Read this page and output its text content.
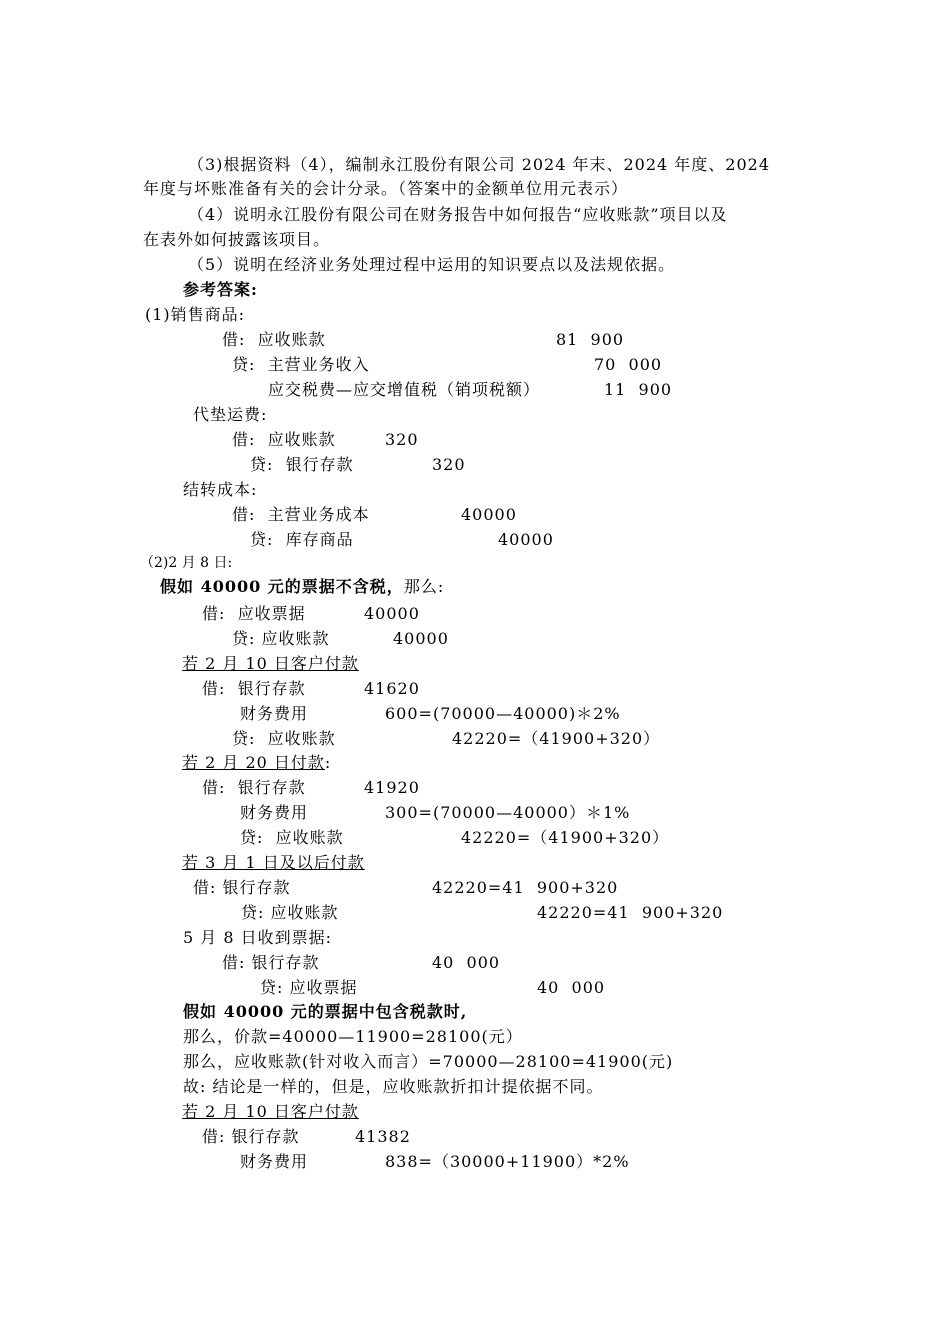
（3)根据资料（4），编制永江股份有限公司 2024 年末、2024 年度、2024
年度与坏账准备有关的会计分录。（答案中的金额单位用元表示）
（4）说明永江股份有限公司在财务报告中如何报告“应收账款”项目以及
在表外如何披露该项目。
（5）说明在经济业务处理过程中运用的知识要点以及法规依据。
参考答案:
(1)销售商品:
借:  应收账款	81  900
贷:  主营业务收入	70  000
应交税费—应交增值税（销项税额）	11  900
代垫运费:
借:  应收账款	320
贷:  银行存款	320
结转成本:
借:  主营业务成本	40000
贷:  库存商品	40000
（2)2 月 8 日:
假如 40000 元的票据不含税，那么:
借:  应收票据	40000
贷: 应收账款	40000
若 2 月 10 日客户付款
借:  银行存款	41620
财务费用	600=(70000—40000)＊2%
贷:  应收账款	42220=（41900+320）
若 2 月 20 日付款:
借:  银行存款	41920
财务费用	300=(70000—40000）＊1%
贷:  应收账款	42220=（41900+320）
若 3 月 1 日及以后付款
借: 银行存款	42220=41  900+320
贷: 应收账款	42220=41  900+320
5 月 8 日收到票据:
借: 银行存款	40  000
贷: 应收票据	40  000
假如 40000 元的票据中包含税款时,
那么，价款=40000—11900=28100(元）
那么，应收账款(针对收入而言）=70000—28100=41900(元)
故: 结论是一样的，但是，应收账款折扣计提依据不同。
若 2 月 10 日客户付款
借: 银行存款	41382
财务费用	838=（30000+11900）*2%
